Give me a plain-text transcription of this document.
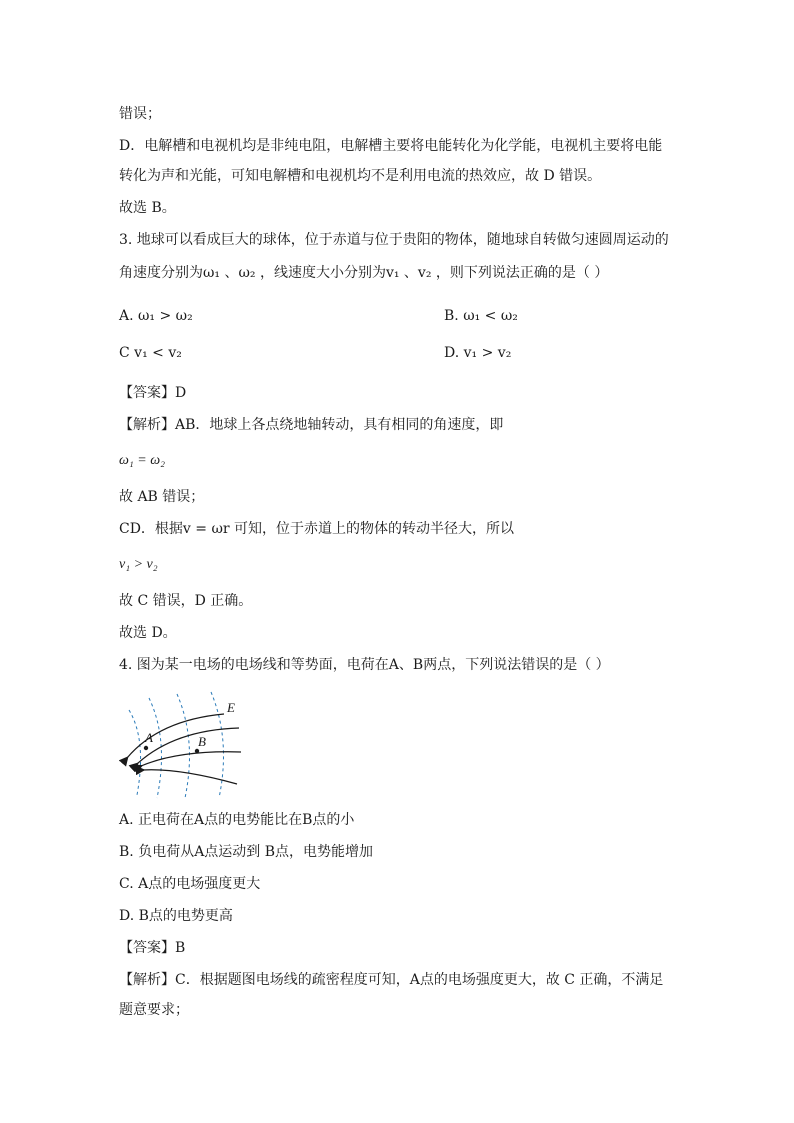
错误；
D．电解槽和电视机均是非纯电阻，电解槽主要将电能转化为化学能，电视机主要将电能
转化为声和光能，可知电解槽和电视机均不是利用电流的热效应，故 D 错误。
故选 B。
3. 地球可以看成巨大的球体，位于赤道与位于贵阳的物体，随地球自转做匀速圆周运动的
角速度分别为ω₁ 、ω₂ ，线速度大小分别为v₁ 、v₂ ，则下列说法正确的是（ ）
A. ω₁ > ω₂	B. ω₁ < ω₂
C v₁ < v₂	D. v₁ > v₂
【答案】D
【解析】AB．地球上各点绕地轴转动，具有相同的角速度，即
ω₁ = ω₂
故 AB 错误；
CD．根据v = ωr 可知，位于赤道上的物体的转动半径大，所以
v₁ > v₂
故 C 错误，D 正确。
故选 D。
4. 图为某一电场的电场线和等势面，电荷在A、B两点，下列说法错误的是（ ）
E
A	B
A. 正电荷在A点的电势能比在B点的小
B. 负电荷从A点运动到 B点，电势能增加
C. A点的电场强度更大
D. B点的电势更高
【答案】B
【解析】C．根据题图电场线的疏密程度可知，A点的电场强度更大，故 C 正确，不满足
题意要求；
